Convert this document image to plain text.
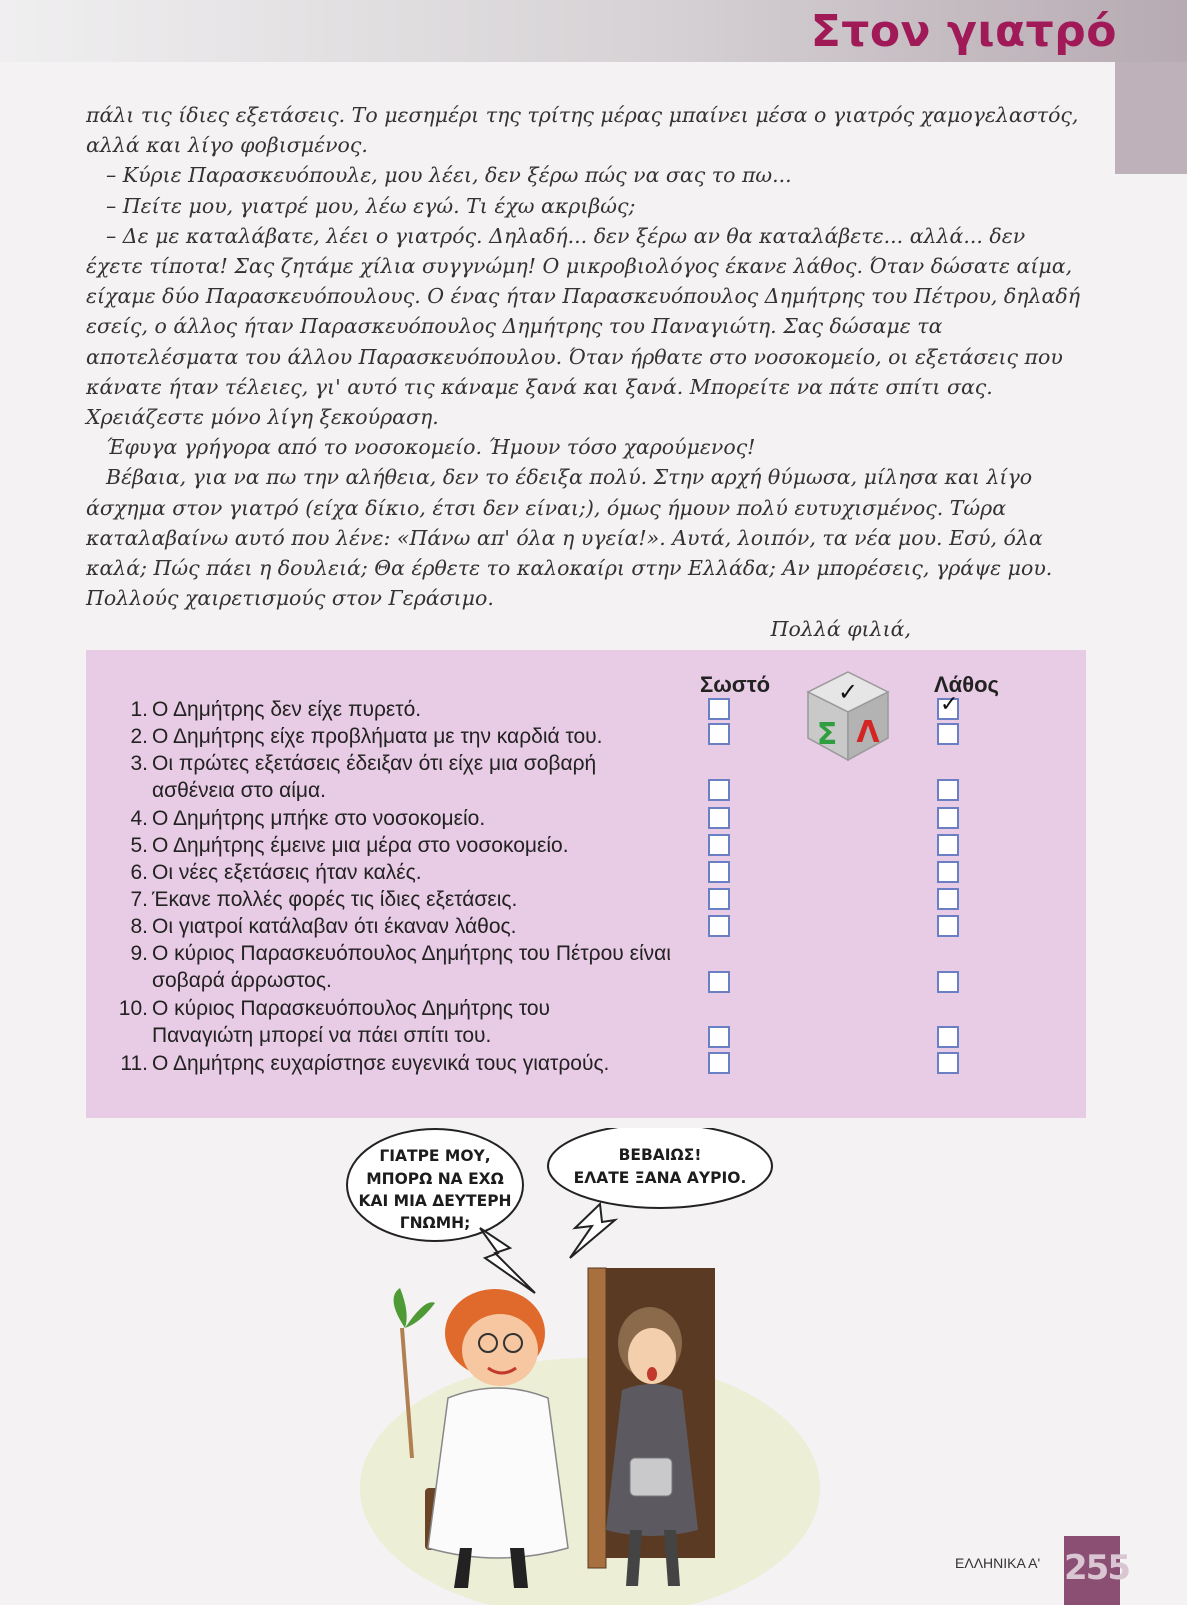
Στον γιατρό

πάλι τις ίδιες εξετάσεις. Το μεσημέρι της τρίτης μέρας μπαίνει μέσα ο γιατρός χαμογελαστός, αλλά και λίγο φοβισμένος.

– Κύριε Παρασκευόπουλε, μου λέει, δεν ξέρω πώς να σας το πω...

– Πείτε μου, γιατρέ μου, λέω εγώ. Τι έχω ακριβώς;

– Δε με καταλάβατε, λέει ο γιατρός. Δηλαδή... δεν ξέρω αν θα καταλάβετε... αλλά... δεν έχετε τίποτα! Σας ζητάμε χίλια συγγνώμη! Ο μικροβιολόγος έκανε λάθος. Όταν δώσατε αίμα, είχαμε δύο Παρασκευόπουλους. Ο ένας ήταν Παρασκευόπουλος Δημήτρης του Πέτρου, δηλαδή εσείς, ο άλλος ήταν Παρασκευόπουλος Δημήτρης του Παναγιώτη. Σας δώσαμε τα αποτελέσματα του άλλου Παρασκευόπουλου. Όταν ήρθατε στο νοσοκομείο, οι εξετάσεις που κάνατε ήταν τέλειες, γι' αυτό τις κάναμε ξανά και ξανά. Μπορείτε να πάτε σπίτι σας. Χρειάζεστε μόνο λίγη ξεκούραση.

Έφυγα γρήγορα από το νοσοκομείο. Ήμουν τόσο χαρούμενος!

Βέβαια, για να πω την αλήθεια, δεν το έδειξα πολύ. Στην αρχή θύμωσα, μίλησα και λίγο άσχημα στον γιατρό (είχα δίκιο, έτσι δεν είναι;), όμως ήμουν πολύ ευτυχισμένος. Τώρα καταλαβαίνω αυτό που λένε: «Πάνω απ' όλα η υγεία!». Αυτά, λοιπόν, τα νέα μου. Εσύ, όλα καλά; Πώς πάει η δουλειά; Θα έρθετε το καλοκαίρι στην Ελλάδα; Αν μπορέσεις, γράψε μου. Πολλούς χαιρετισμούς στον Γεράσιμο.

Πολλά φιλιά,
Σωστό	Λάθος
✓
Σ Λ
1. Ο Δημήτρης δεν είχε πυρετό.
2. Ο Δημήτρης είχε προβλήματα με την καρδιά του.
3. Οι πρώτες εξετάσεις έδειξαν ότι είχε μια σοβαρή ασθένεια στο αίμα.
4. Ο Δημήτρης μπήκε στο νοσοκομείο.
5. Ο Δημήτρης έμεινε μια μέρα στο νοσοκομείο.
6. Οι νέες εξετάσεις ήταν καλές.
7. Έκανε πολλές φορές τις ίδιες εξετάσεις.
8. Οι γιατροί κατάλαβαν ότι έκαναν λάθος.
9. Ο κύριος Παρασκευόπουλος Δημήτρης του Πέτρου είναι σοβαρά άρρωστος.
10. Ο κύριος Παρασκευόπουλος Δημήτρης του Παναγιώτη μπορεί να πάει σπίτι του.
11. Ο Δημήτρης ευχαρίστησε ευγενικά τους γιατρούς.
✓
ΓΙΑΤΡΕ ΜΟΥ,
ΜΠΟΡΩ ΝΑ ΕΧΩ
ΚΑΙ ΜΙΑ ΔΕΥΤΕΡΗ
ΓΝΩΜΗ;
ΒΕΒΑΙΩΣ!
ΕΛΑΤΕ ΞΑΝΑ ΑΥΡΙΟ.
ΕΛΛΗΝΙΚΑ Α' 255
